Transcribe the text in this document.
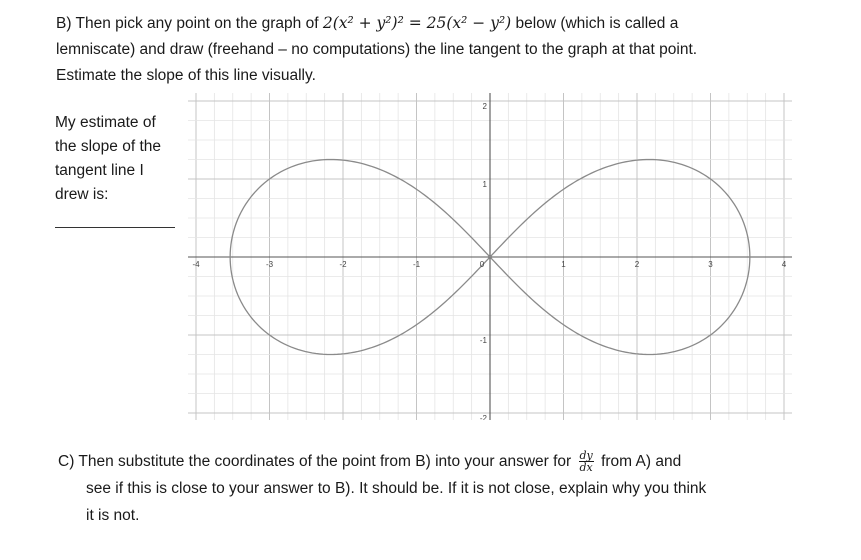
B) Then pick any point on the graph of 2(x² + y²)² = 25(x² − y²) below (which is called a
lemniscate) and draw (freehand – no computations) the line tangent to the graph at that point.
Estimate the slope of this line visually.
My estimate of
the slope of the
tangent line I
drew is:
-4	-3	-2	-1	0	1	2	3	4
2
1
-1
-2
C) Then substitute the coordinates of the point from B) into your answer for $\frac{dy}{dx}$ from A) and
see if this is close to your answer to B). It should be. If it is not close, explain why you think
it is not.
